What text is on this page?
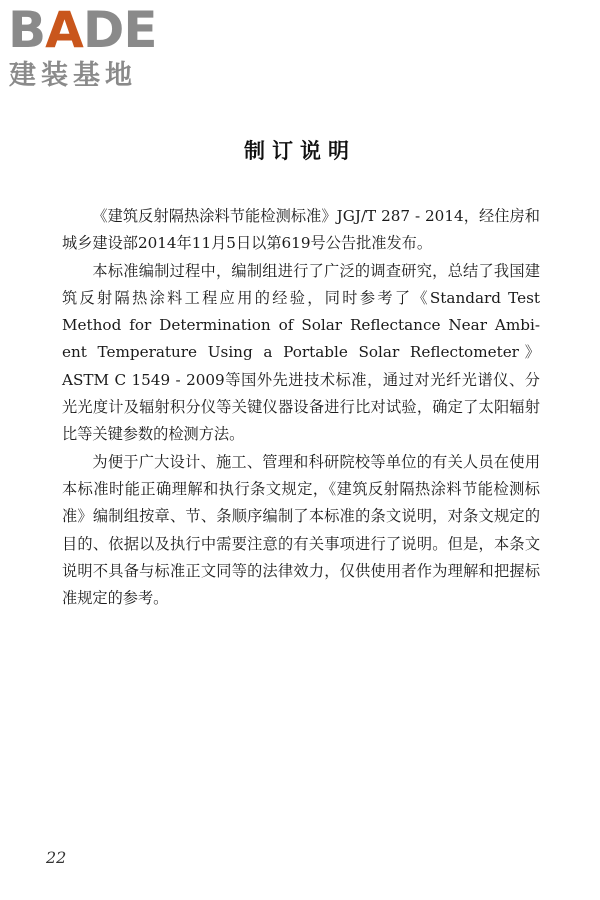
BADE
建装基地
制订说明

《建筑反射隔热涂料节能检测标准》JGJ/T 287 - 2014，经住房和城乡建设部2014年11月5日以第619号公告批准发布。

本标准编制过程中，编制组进行了广泛的调查研究，总结了我国建筑反射隔热涂料工程应用的经验，同时参考了《Standard Test Method for Determination of Solar Reflectance Near Ambi-ent Temperature Using a Portable Solar Reflectometer》ASTM C 1549 - 2009等国外先进技术标准，通过对光纤光谱仪、分光光度计及辐射积分仪等关键仪器设备进行比对试验，确定了太阳辐射比等关键参数的检测方法。

为便于广大设计、施工、管理和科研院校等单位的有关人员在使用本标准时能正确理解和执行条文规定，《建筑反射隔热涂料节能检测标准》编制组按章、节、条顺序编制了本标准的条文说明，对条文规定的目的、依据以及执行中需要注意的有关事项进行了说明。但是，本条文说明不具备与标准正文同等的法律效力，仅供使用者作为理解和把握标准规定的参考。

22
